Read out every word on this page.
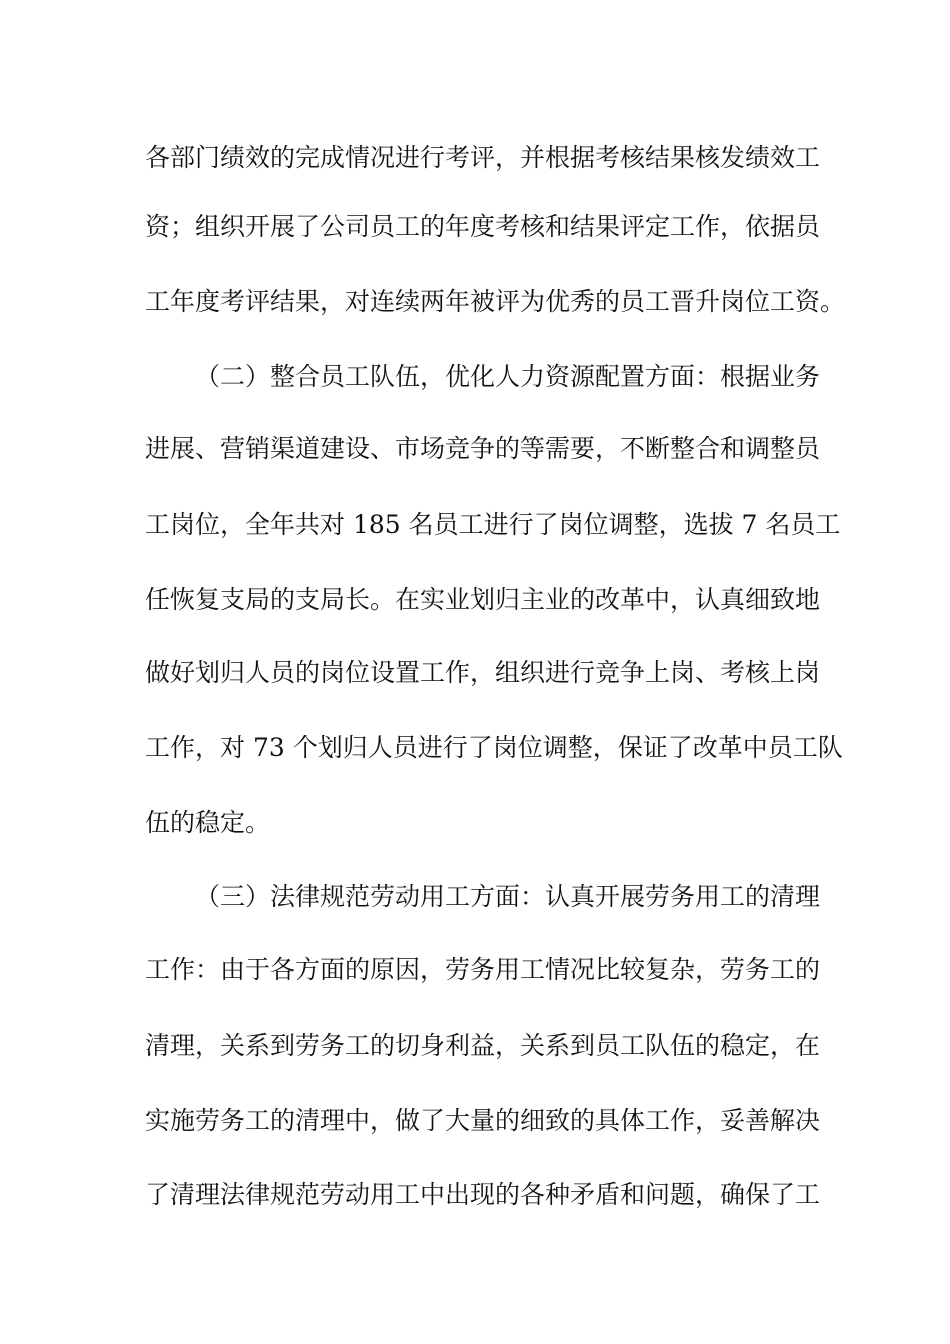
各部门绩效的完成情况进行考评，并根据考核结果核发绩效工
资；组织开展了公司员工的年度考核和结果评定工作，依据员
工年度考评结果，对连续两年被评为优秀的员工晋升岗位工资。
（二）整合员工队伍，优化人力资源配置方面：根据业务
进展、营销渠道建设、市场竞争的等需要，不断整合和调整员
工岗位，全年共对 185 名员工进行了岗位调整，选拔 7 名员工
任恢复支局的支局长。在实业划归主业的改革中，认真细致地
做好划归人员的岗位设置工作，组织进行竞争上岗、考核上岗
工作，对 73 个划归人员进行了岗位调整，保证了改革中员工队
伍的稳定。
（三）法律规范劳动用工方面：认真开展劳务用工的清理
工作：由于各方面的原因，劳务用工情况比较复杂，劳务工的
清理，关系到劳务工的切身利益，关系到员工队伍的稳定，在
实施劳务工的清理中，做了大量的细致的具体工作，妥善解决
了清理法律规范劳动用工中出现的各种矛盾和问题，确保了工
